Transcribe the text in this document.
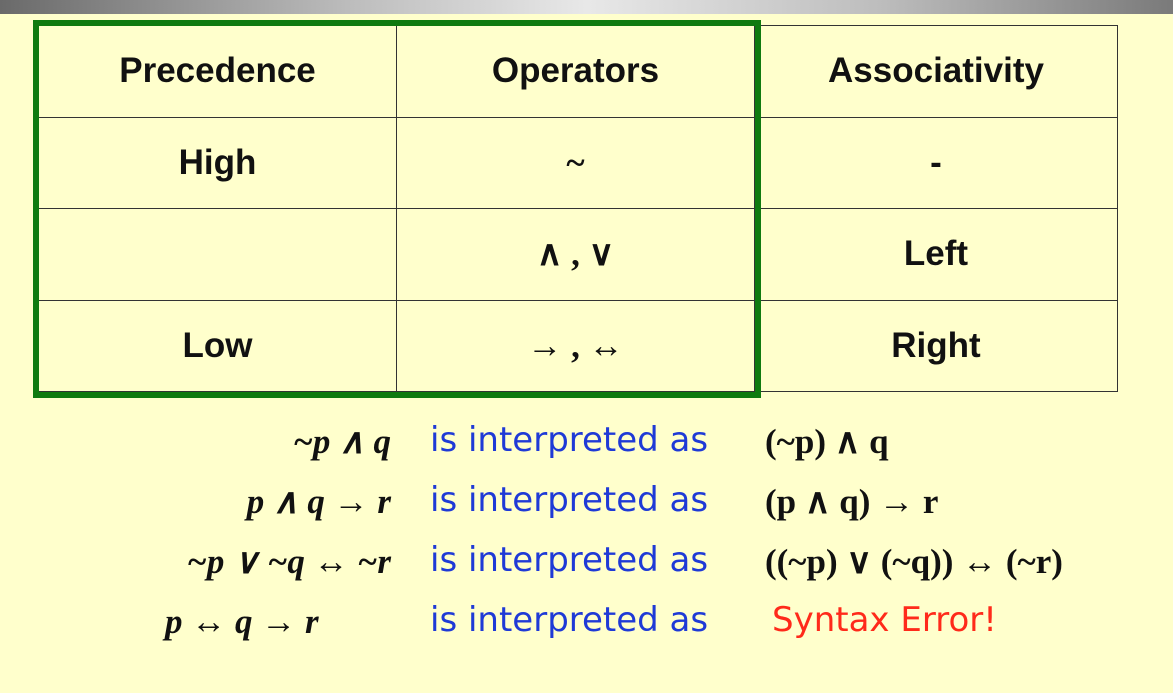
Precedence	Operators	Associativity
High	~	-
	∧ , ∨	Left
Low	→ , ↔	Right
~p ∧ q is interpreted as (~p) ∧ q
p ∧ q → r is interpreted as (p ∧ q) → r
~p ∨ ~q ↔ ~r is interpreted as ((~p) ∨ (~q)) ↔ (~r)
p ↔ q → r	is interpreted as Syntax Error!
